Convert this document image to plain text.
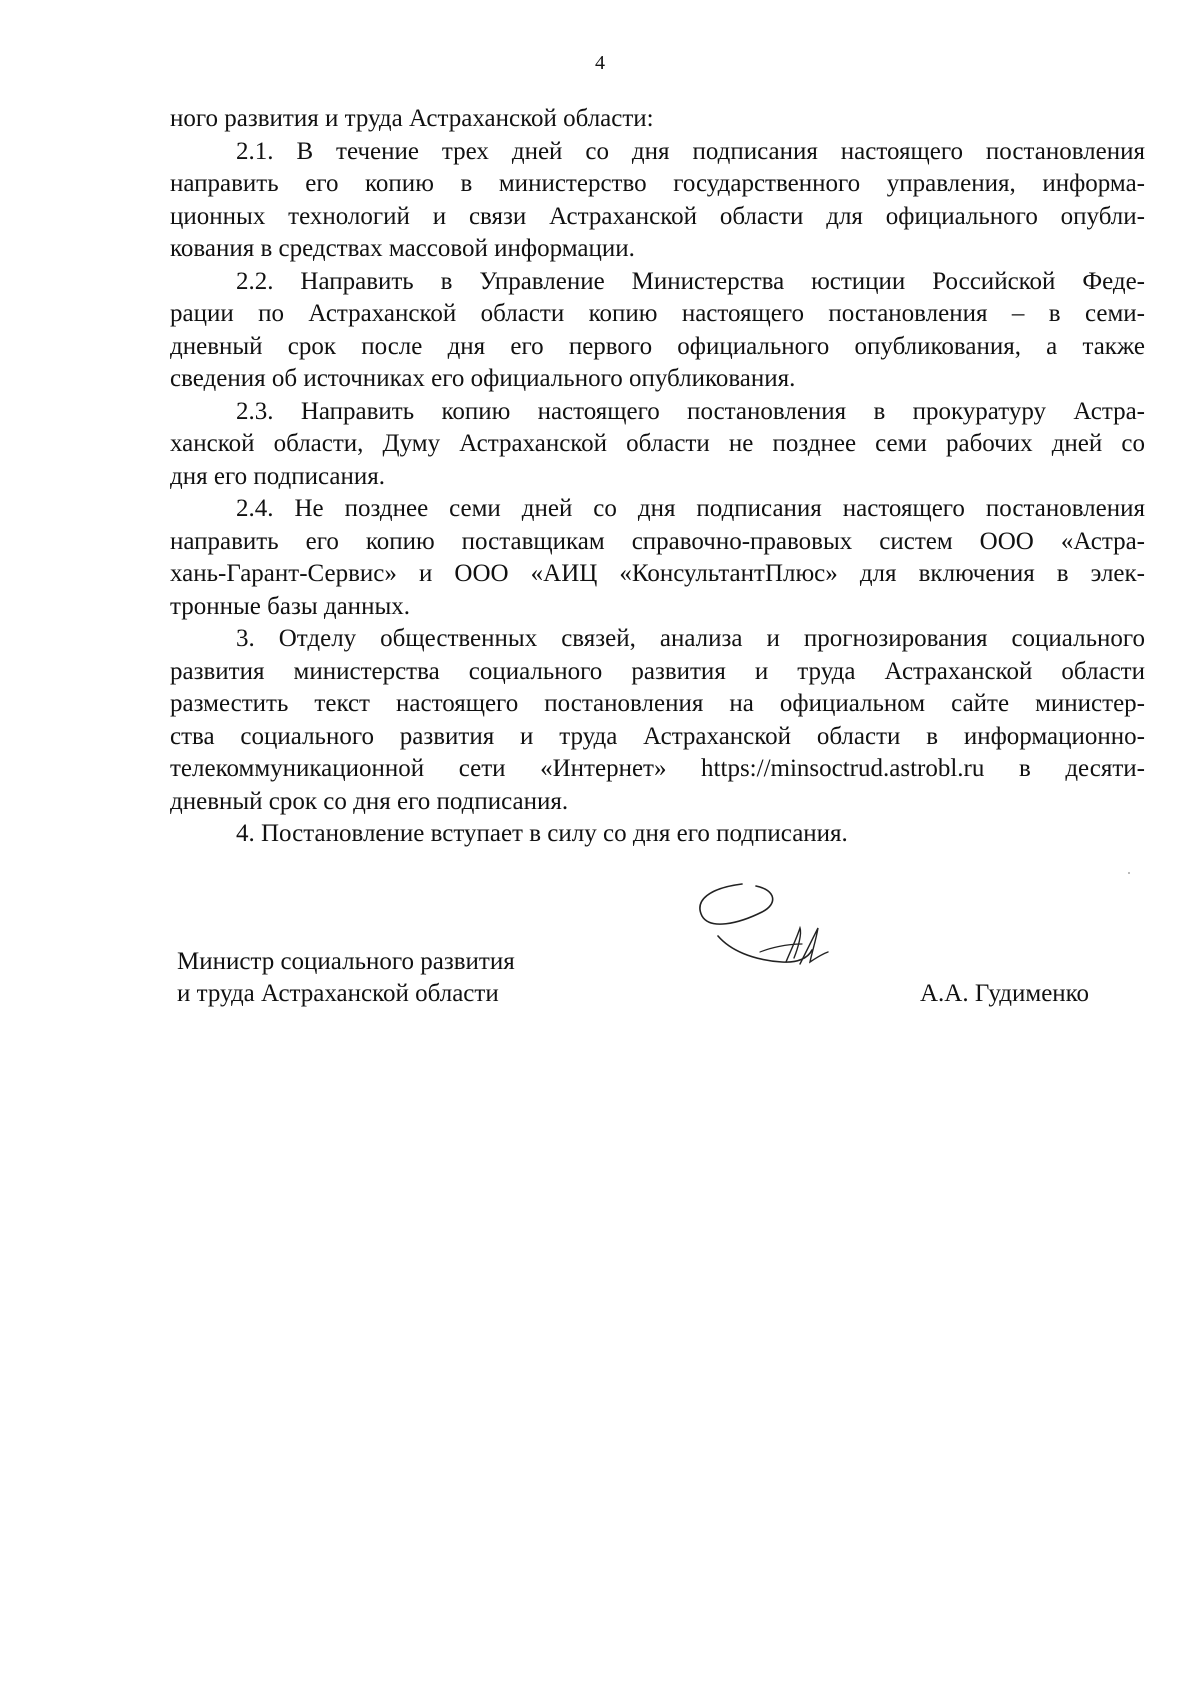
4
ного развития и труда Астраханской области:
2.1. В течение трех дней со дня подписания настоящего постановления
направить его копию в министерство государственного управления, информа-
ционных технологий и связи Астраханской области для официального опубли-
кования в средствах массовой информации.
2.2. Направить в Управление Министерства юстиции Российской Феде-
рации по Астраханской области копию настоящего постановления – в семи-
дневный срок после дня его первого официального опубликования, а также
сведения об источниках его официального опубликования.
2.3. Направить копию настоящего постановления в прокуратуру Астра-
ханской области, Думу Астраханской области не позднее семи рабочих дней со
дня его подписания.
2.4. Не позднее семи дней со дня подписания настоящего постановления
направить его копию поставщикам справочно-правовых систем ООО «Астра-
хань-Гарант-Сервис» и ООО «АИЦ «КонсультантПлюс» для включения в элек-
тронные базы данных.
3. Отделу общественных связей, анализа и прогнозирования социального
развития министерства социального развития и труда Астраханской области
разместить текст настоящего постановления на официальном сайте министер-
ства социального развития и труда Астраханской области в информационно-
телекоммуникационной сети «Интернет» https://minsoctrud.astrobl.ru в десяти-
дневный срок со дня его подписания.
4. Постановление вступает в силу со дня его подписания.
Министр социального развития
и труда Астраханской области	А.А. Гудименко
